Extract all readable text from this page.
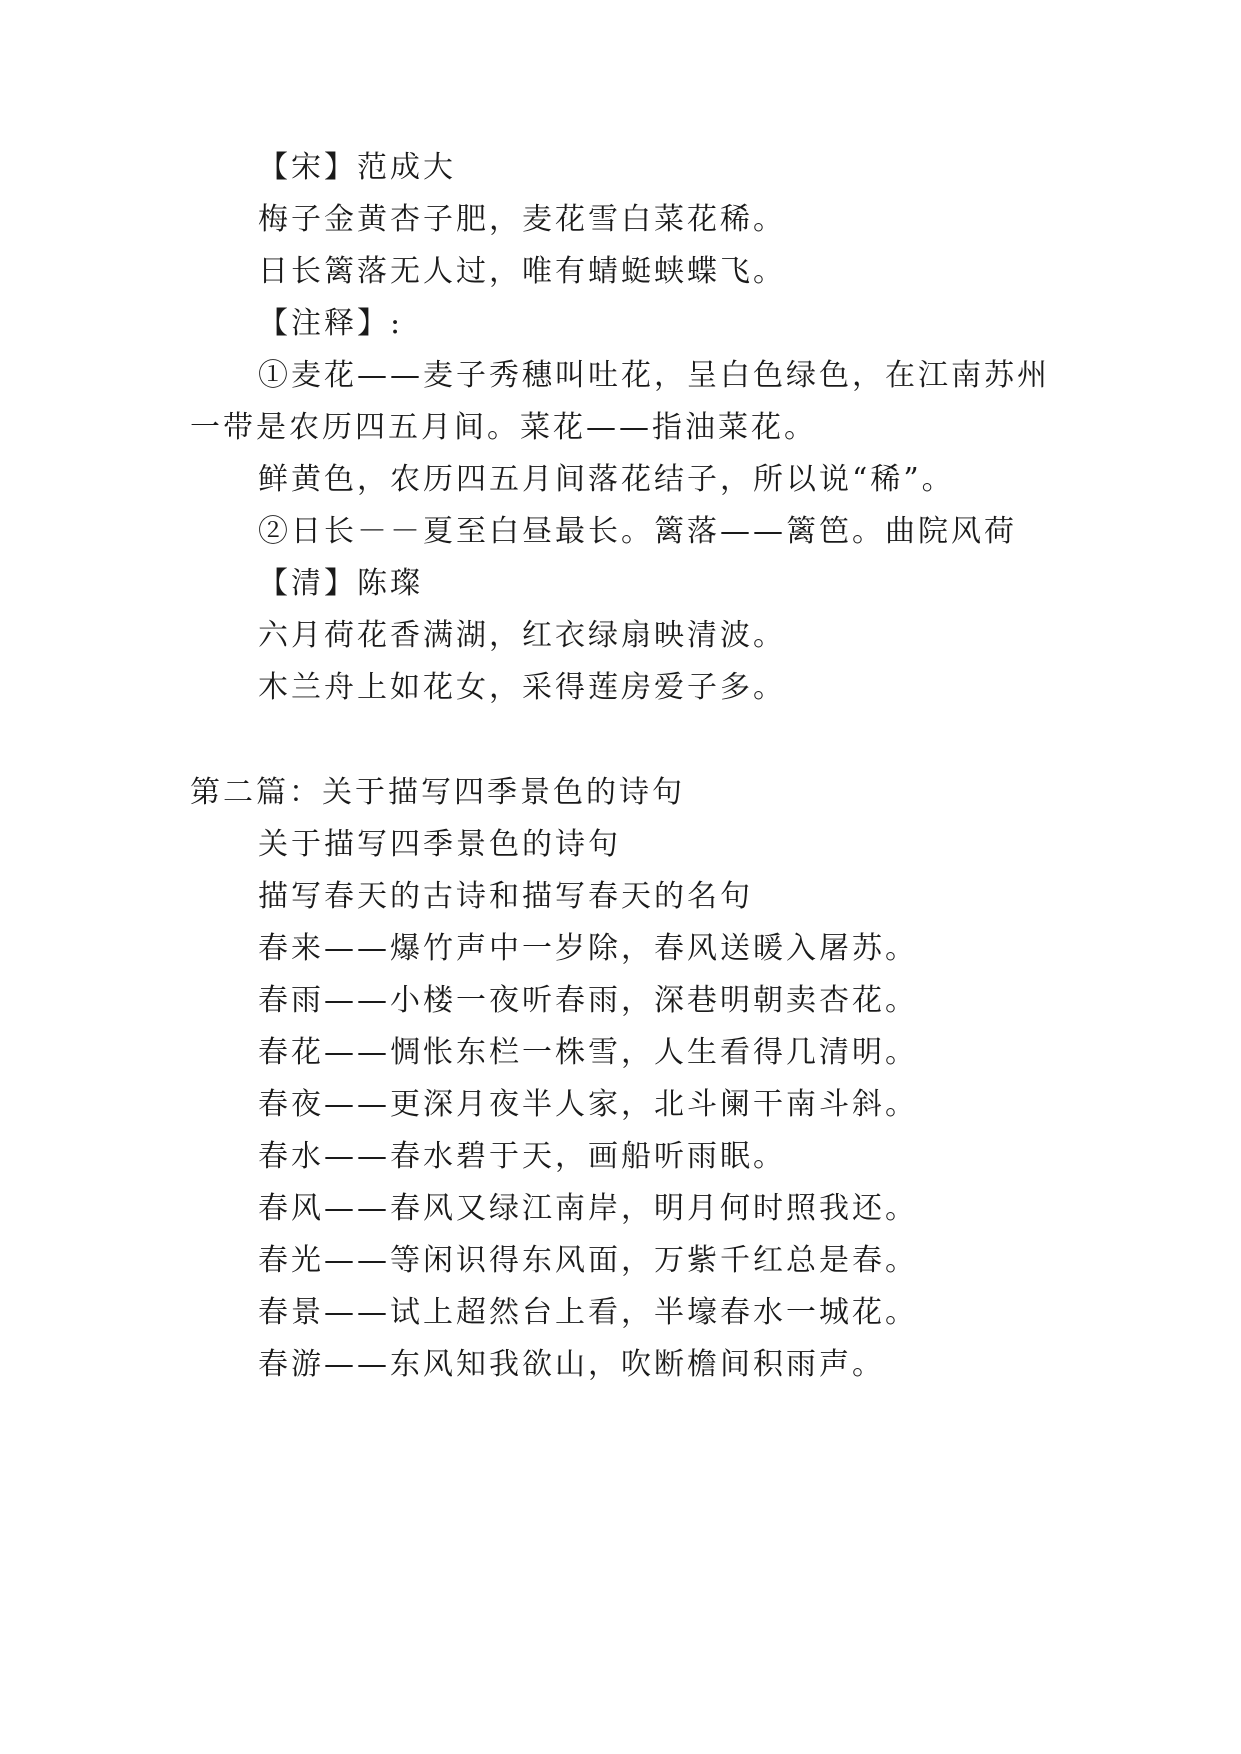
【宋】范成大
梅子金黄杏子肥，麦花雪白菜花稀。
日长篱落无人过，唯有蜻蜓蛱蝶飞。
【注释】:
①麦花——麦子秀穗叫吐花，呈白色绿色，在江南苏州
一带是农历四五月间。菜花——指油菜花。
鲜黄色，农历四五月间落花结子，所以说“稀”。
②日长－－夏至白昼最长。篱落——篱笆。曲院风荷
【清】陈璨
六月荷花香满湖，红衣绿扇映清波。
木兰舟上如花女，采得莲房爱子多。
第二篇：关于描写四季景色的诗句
关于描写四季景色的诗句
描写春天的古诗和描写春天的名句
春来——爆竹声中一岁除，春风送暖入屠苏。
春雨——小楼一夜听春雨，深巷明朝卖杏花。
春花——惆怅东栏一株雪，人生看得几清明。
春夜——更深月夜半人家，北斗阑干南斗斜。
春水——春水碧于天，画船听雨眠。
春风——春风又绿江南岸，明月何时照我还。
春光——等闲识得东风面，万紫千红总是春。
春景——试上超然台上看，半壕春水一城花。
春游——东风知我欲山，吹断檐间积雨声。
